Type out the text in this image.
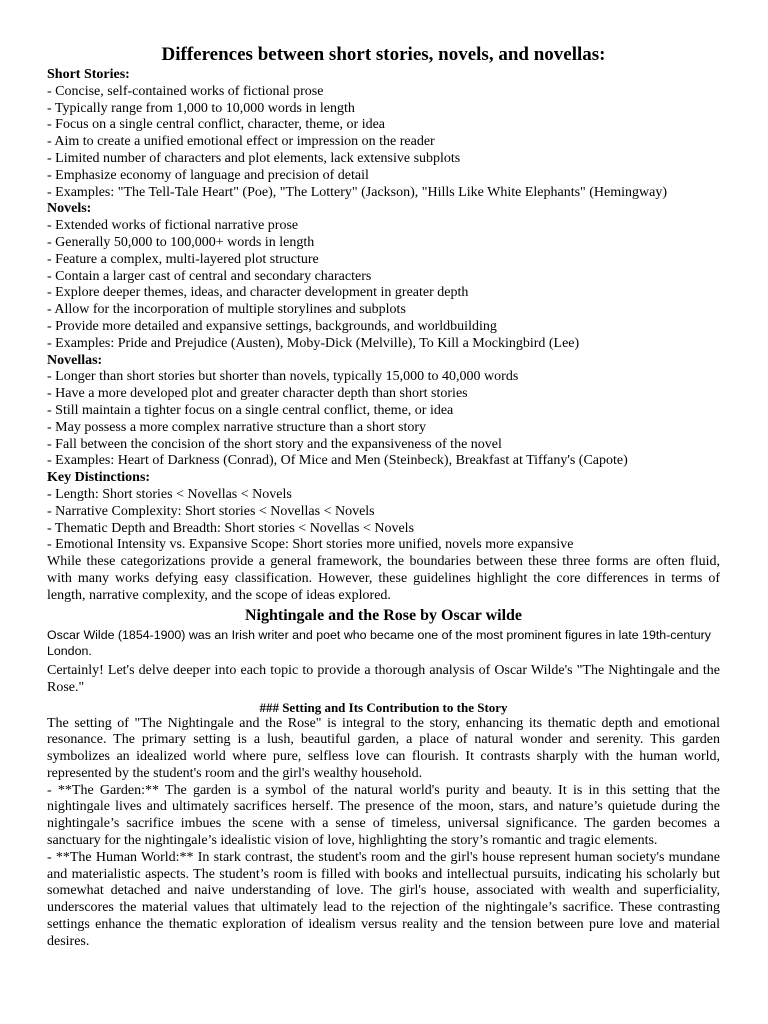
Differences between short stories, novels, and novellas:
Short Stories:
- Concise, self-contained works of fictional prose
- Typically range from 1,000 to 10,000 words in length
- Focus on a single central conflict, character, theme, or idea
- Aim to create a unified emotional effect or impression on the reader
- Limited number of characters and plot elements, lack extensive subplots
- Emphasize economy of language and precision of detail
- Examples: "The Tell-Tale Heart" (Poe), "The Lottery" (Jackson), "Hills Like White Elephants" (Hemingway)
Novels:
- Extended works of fictional narrative prose
- Generally 50,000 to 100,000+ words in length
- Feature a complex, multi-layered plot structure
- Contain a larger cast of central and secondary characters
- Explore deeper themes, ideas, and character development in greater depth
- Allow for the incorporation of multiple storylines and subplots
- Provide more detailed and expansive settings, backgrounds, and worldbuilding
- Examples: Pride and Prejudice (Austen), Moby-Dick (Melville), To Kill a Mockingbird (Lee)
Novellas:
- Longer than short stories but shorter than novels, typically 15,000 to 40,000 words
- Have a more developed plot and greater character depth than short stories
- Still maintain a tighter focus on a single central conflict, theme, or idea
- May possess a more complex narrative structure than a short story
- Fall between the concision of the short story and the expansiveness of the novel
- Examples: Heart of Darkness (Conrad), Of Mice and Men (Steinbeck), Breakfast at Tiffany's (Capote)
Key Distinctions:
- Length: Short stories < Novellas < Novels
- Narrative Complexity: Short stories < Novellas < Novels
- Thematic Depth and Breadth: Short stories < Novellas < Novels
- Emotional Intensity vs. Expansive Scope: Short stories more unified, novels more expansive
While these categorizations provide a general framework, the boundaries between these three forms are often fluid, with many works defying easy classification. However, these guidelines highlight the core differences in terms of length, narrative complexity, and the scope of ideas explored.
Nightingale and the Rose by Oscar wilde
Oscar Wilde (1854-1900) was an Irish writer and poet who became one of the most prominent figures in late 19th-century London.
Certainly! Let's delve deeper into each topic to provide a thorough analysis of Oscar Wilde's "The Nightingale and the Rose."
### Setting and Its Contribution to the Story
The setting of "The Nightingale and the Rose" is integral to the story, enhancing its thematic depth and emotional resonance. The primary setting is a lush, beautiful garden, a place of natural wonder and serenity. This garden symbolizes an idealized world where pure, selfless love can flourish. It contrasts sharply with the human world, represented by the student's room and the girl's wealthy household.
- **The Garden:** The garden is a symbol of the natural world's purity and beauty. It is in this setting that the nightingale lives and ultimately sacrifices herself. The presence of the moon, stars, and nature’s quietude during the nightingale’s sacrifice imbues the scene with a sense of timeless, universal significance. The garden becomes a sanctuary for the nightingale’s idealistic vision of love, highlighting the story’s romantic and tragic elements.
- **The Human World:** In stark contrast, the student's room and the girl's house represent human society's mundane and materialistic aspects. The student’s room is filled with books and intellectual pursuits, indicating his scholarly but somewhat detached and naive understanding of love. The girl's house, associated with wealth and superficiality, underscores the material values that ultimately lead to the rejection of the nightingale’s sacrifice. These contrasting settings enhance the thematic exploration of idealism versus reality and the tension between pure love and material desires.
